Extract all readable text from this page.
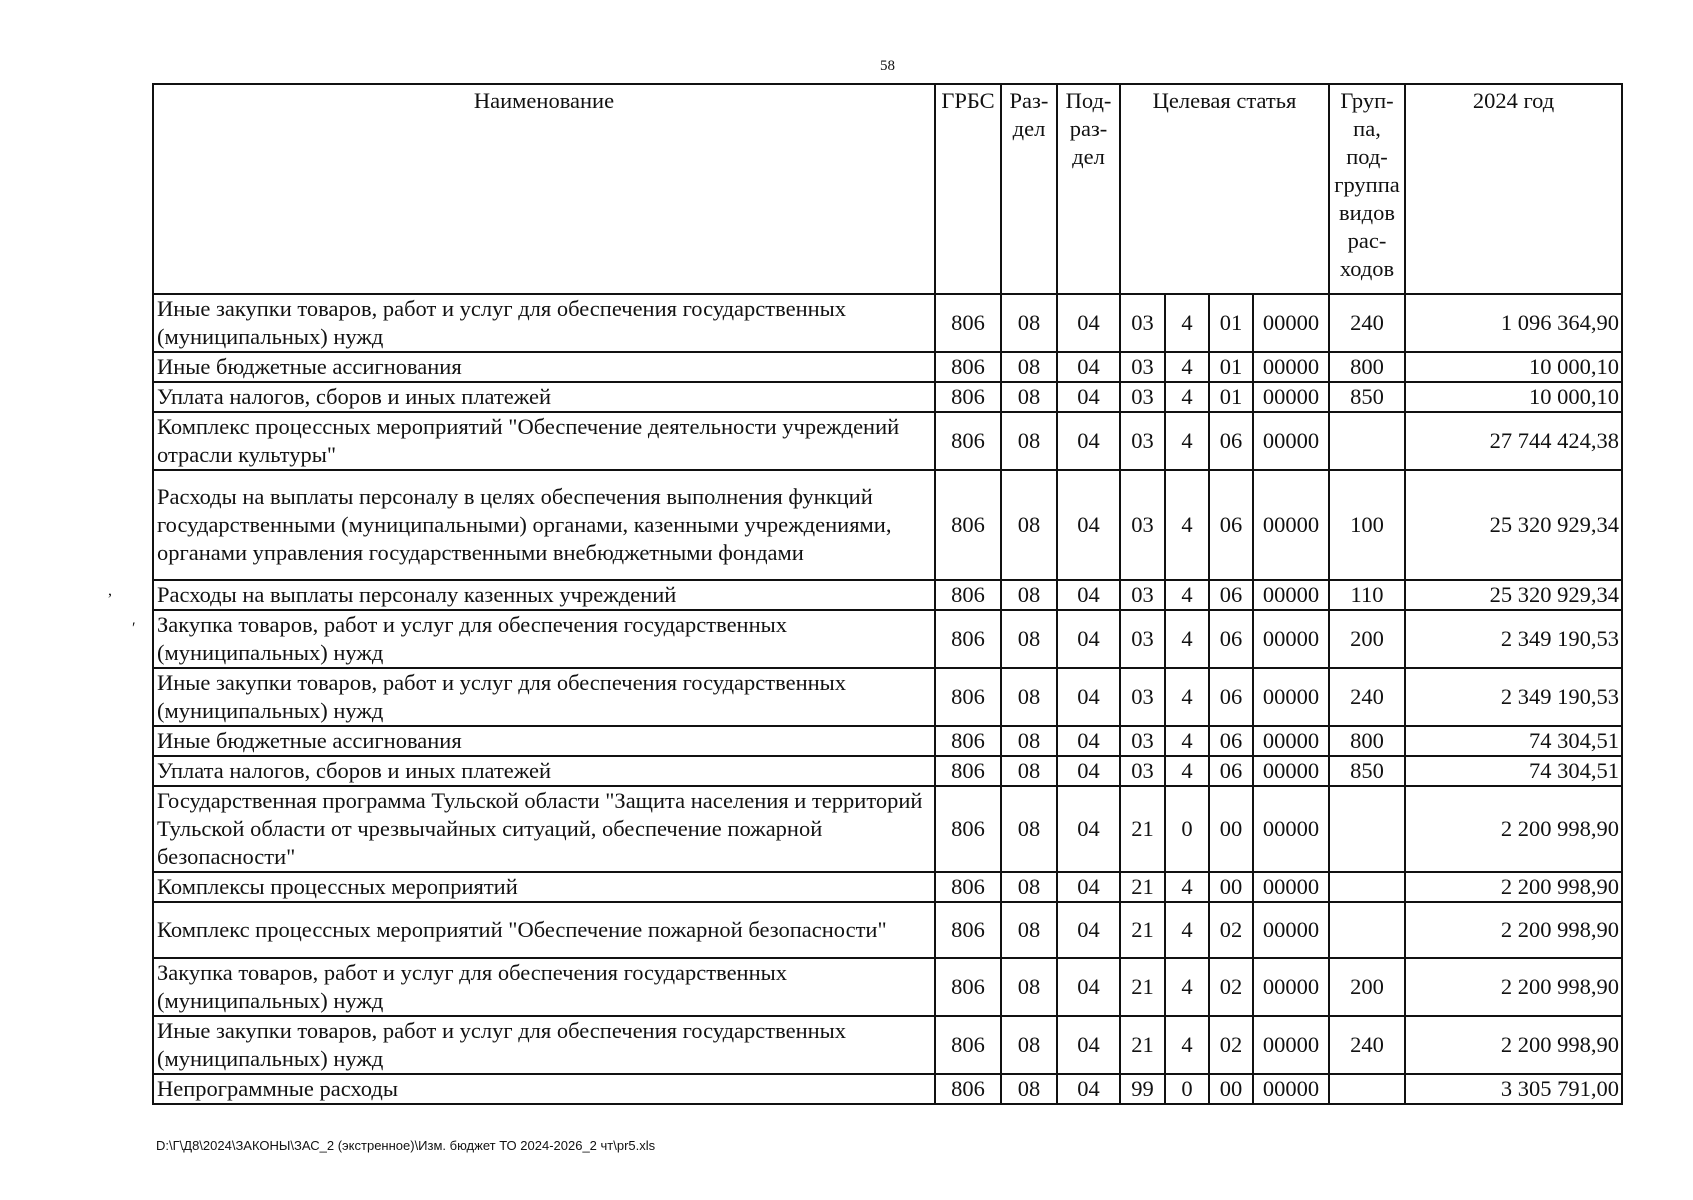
58
Наименование	ГРБС	Раз-дел	Под-раз-дел	Целевая статья				Груп-па, под-группа видов рас-ходов	2024 год
Иные закупки товаров, работ и услуг для обеспечения государственных (муниципальных) нужд	806	08	04	03	4	01	00000	240	1 096 364,90
Иные бюджетные ассигнования	806	08	04	03	4	01	00000	800	10 000,10
Уплата налогов, сборов и иных платежей	806	08	04	03	4	01	00000	850	10 000,10
Комплекс процессных мероприятий "Обеспечение деятельности учреждений отрасли культуры"	806	08	04	03	4	06	00000		27 744 424,38
Расходы на выплаты персоналу в целях обеспечения выполнения функций государственными (муниципальными) органами, казенными учреждениями, органами управления государственными внебюджетными фондами	806	08	04	03	4	06	00000	100	25 320 929,34
Расходы на выплаты персоналу казенных учреждений	806	08	04	03	4	06	00000	110	25 320 929,34
Закупка товаров, работ и услуг для обеспечения государственных (муниципальных) нужд	806	08	04	03	4	06	00000	200	2 349 190,53
Иные закупки товаров, работ и услуг для обеспечения государственных (муниципальных) нужд	806	08	04	03	4	06	00000	240	2 349 190,53
Иные бюджетные ассигнования	806	08	04	03	4	06	00000	800	74 304,51
Уплата налогов, сборов и иных платежей	806	08	04	03	4	06	00000	850	74 304,51
Государственная программа Тульской области "Защита населения и территорий Тульской области от чрезвычайных ситуаций, обеспечение пожарной безопасности"	806	08	04	21	0	00	00000		2 200 998,90
Комплексы процессных мероприятий	806	08	04	21	4	00	00000		2 200 998,90
Комплекс процессных мероприятий "Обеспечение пожарной безопасности"	806	08	04	21	4	02	00000		2 200 998,90
Закупка товаров, работ и услуг для обеспечения государственных (муниципальных) нужд	806	08	04	21	4	02	00000	200	2 200 998,90
Иные закупки товаров, работ и услуг для обеспечения государственных (муниципальных) нужд	806	08	04	21	4	02	00000	240	2 200 998,90
Непрограммные расходы	806	08	04	99	0	00	00000		3 305 791,00
,
′
D:\Г\Д8\2024\ЗАКОНЫ\ЗАС_2 (экстренное)\Изм. бюджет ТО 2024-2026_2 чт\pr5.xls
